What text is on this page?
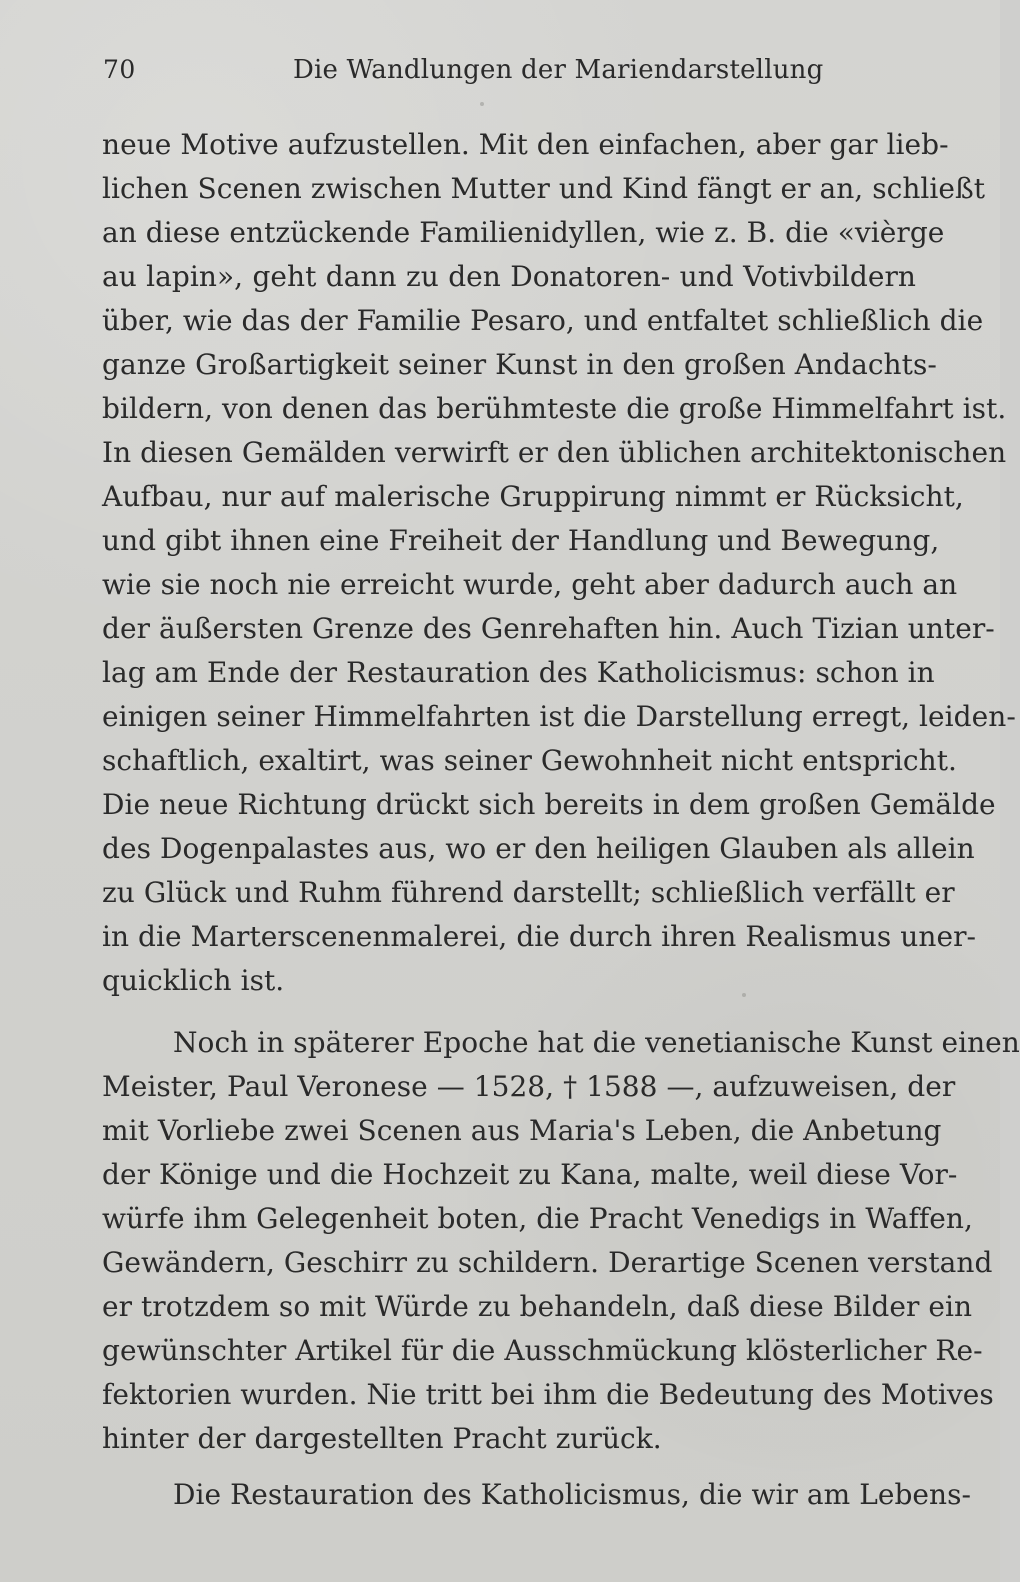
70	Die Wandlungen der Mariendarstellung
neue Motive aufzustellen. Mit den einfachen, aber gar lieb-
lichen Scenen zwischen Mutter und Kind fängt er an, schließt
an diese entzückende Familienidyllen, wie z. B. die «vièrge
au lapin», geht dann zu den Donatoren- und Votivbildern
über, wie das der Familie Pesaro, und entfaltet schließlich die
ganze Großartigkeit seiner Kunst in den großen Andachts-
bildern, von denen das berühmteste die große Himmelfahrt ist.
In diesen Gemälden verwirft er den üblichen architektonischen
Aufbau, nur auf malerische Gruppirung nimmt er Rücksicht,
und gibt ihnen eine Freiheit der Handlung und Bewegung,
wie sie noch nie erreicht wurde, geht aber dadurch auch an
der äußersten Grenze des Genrehaften hin. Auch Tizian unter-
lag am Ende der Restauration des Katholicismus: schon in
einigen seiner Himmelfahrten ist die Darstellung erregt, leiden-
schaftlich, exaltirt, was seiner Gewohnheit nicht entspricht.
Die neue Richtung drückt sich bereits in dem großen Gemälde
des Dogenpalastes aus, wo er den heiligen Glauben als allein
zu Glück und Ruhm führend darstellt; schließlich verfällt er
in die Marterscenenmalerei, die durch ihren Realismus uner-
quicklich ist.
Noch in späterer Epoche hat die venetianische Kunst einen
Meister, Paul Veronese — 1528, † 1588 —, aufzuweisen, der
mit Vorliebe zwei Scenen aus Maria's Leben, die Anbetung
der Könige und die Hochzeit zu Kana, malte, weil diese Vor-
würfe ihm Gelegenheit boten, die Pracht Venedigs in Waffen,
Gewändern, Geschirr zu schildern. Derartige Scenen verstand
er trotzdem so mit Würde zu behandeln, daß diese Bilder ein
gewünschter Artikel für die Ausschmückung klösterlicher Re-
fektorien wurden. Nie tritt bei ihm die Bedeutung des Motives
hinter der dargestellten Pracht zurück.
Die Restauration des Katholicismus, die wir am Lebens-
